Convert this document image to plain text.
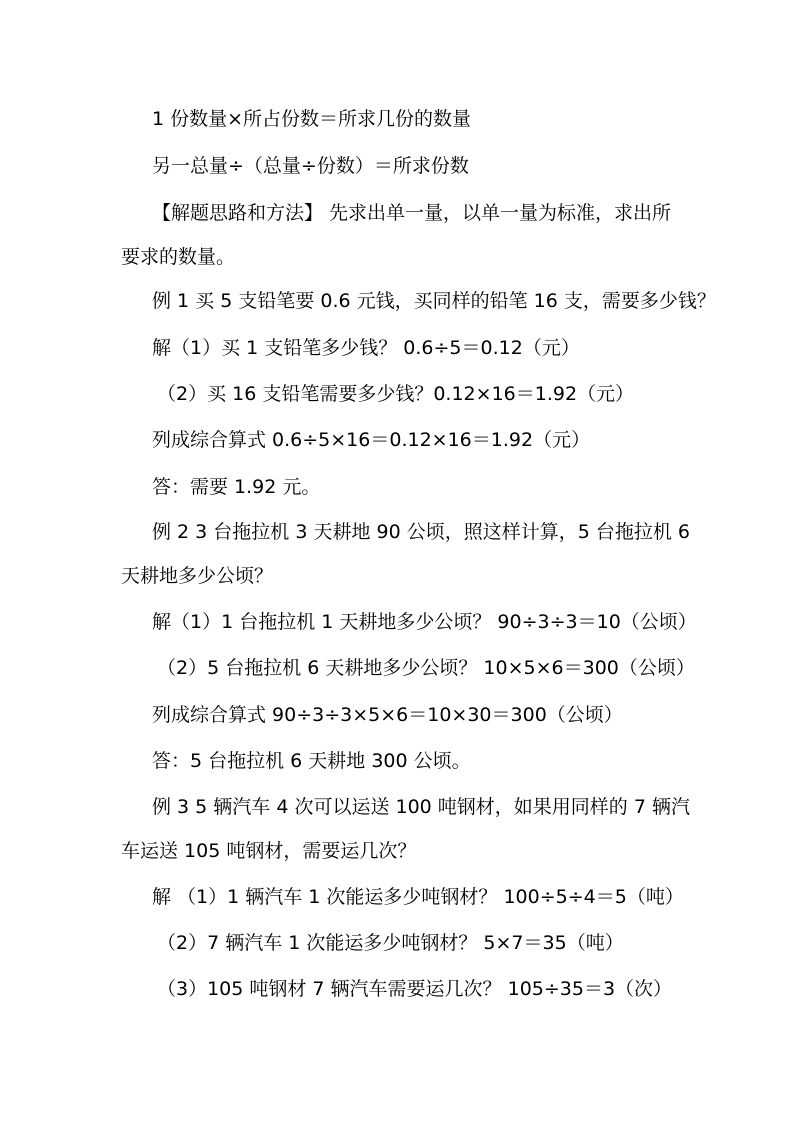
1 份数量×所占份数＝所求几份的数量
另一总量÷（总量÷份数）＝所求份数
【解题思路和方法】 先求出单一量，以单一量为标准，求出所
要求的数量。
例 1 买 5 支铅笔要 0.6 元钱，买同样的铅笔 16 支，需要多少钱？
解（1）买 1 支铅笔多少钱？ 0.6÷5＝0.12（元）
（2）买 16 支铅笔需要多少钱？0.12×16＝1.92（元）
列成综合算式 0.6÷5×16＝0.12×16＝1.92（元）
答：需要 1.92 元。
例 2 3 台拖拉机 3 天耕地 90 公顷，照这样计算，5 台拖拉机 6
天耕地多少公顷？
解（1）1 台拖拉机 1 天耕地多少公顷？ 90÷3÷3＝10（公顷）
（2）5 台拖拉机 6 天耕地多少公顷？ 10×5×6＝300（公顷）
列成综合算式 90÷3÷3×5×6＝10×30＝300（公顷）
答：5 台拖拉机 6 天耕地 300 公顷。
例 3 5 辆汽车 4 次可以运送 100 吨钢材，如果用同样的 7 辆汽
车运送 105 吨钢材，需要运几次？
解 （1）1 辆汽车 1 次能运多少吨钢材？ 100÷5÷4＝5（吨）
（2）7 辆汽车 1 次能运多少吨钢材？ 5×7＝35（吨）
（3）105 吨钢材 7 辆汽车需要运几次？ 105÷35＝3（次）
